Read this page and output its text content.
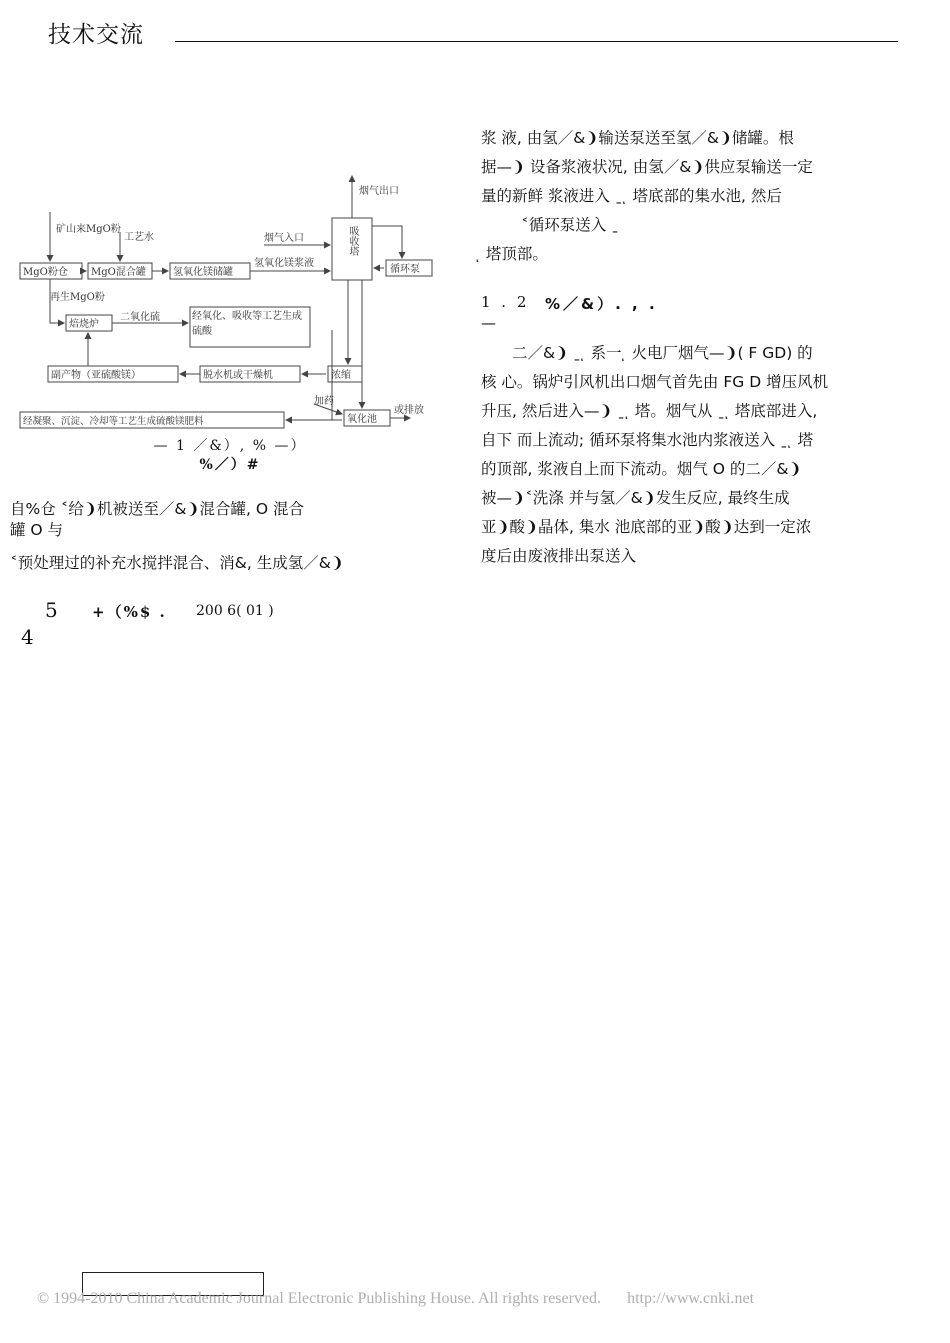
技术交流
MgO粉仓 MgO混合罐	氢氧化镁储罐	循环泵
焙烧炉
副产物（亚硫酸镁）	脱水机或干燥机	浓缩
氧化池
经凝聚、沉淀、冷却等工艺生成硫酸镁肥料
烟气出口
烟气入口
氢氧化镁浆液
工艺水
再生MgO粉
二氧化硫
加药
或排放
矿山来MgO粉	吸收塔
经氧化、吸收等工艺生成硫酸
— 1 ／&）, % —）
%／）#

自%仓 ˂给❩机被送至／&❩混合罐, O 混合

罐 O 与

˂预处理过的补充水搅拌混合、消&, 生成氢／&❩

5 +（%$ . 200 6( 01 )
4

浆 液, 由氢／&❩输送泵送至氢／&❩储罐。根

据—❩ 设备浆液状况, 由氢／&❩供应泵输送一定

量的新鲜 浆液进入 ˍ ͅ 塔底部的集水池, 然后

˂循环泵送入 ˍ

ͅ 塔顶部。

1 . 2 %／&）. , .
—

二／&❩ ˍ ͅ 系一 ͅ 火电厂烟气—❩( F GD) 的

核 心。锅炉引风机出口烟气首先由 FG D 增压风机

升压, 然后进入—❩ ˍ ͅ 塔。烟气从 ˍ ͅ 塔底部进入,

自下 而上流动; 循环泵将集水池内浆液送入 ˍ ͅ 塔

的顶部, 浆液自上而下流动。烟气 O 的二／&❩

被—❩˂洗涤 并与氢／&❩发生反应, 最终生成

亚❩酸❩晶体, 集水 池底部的亚❩酸❩达到一定浓

度后由废液排出泵送入

© 1994-2010 China Academic Journal Electronic Publishing House. All rights reserved. http://www.cnki.net
